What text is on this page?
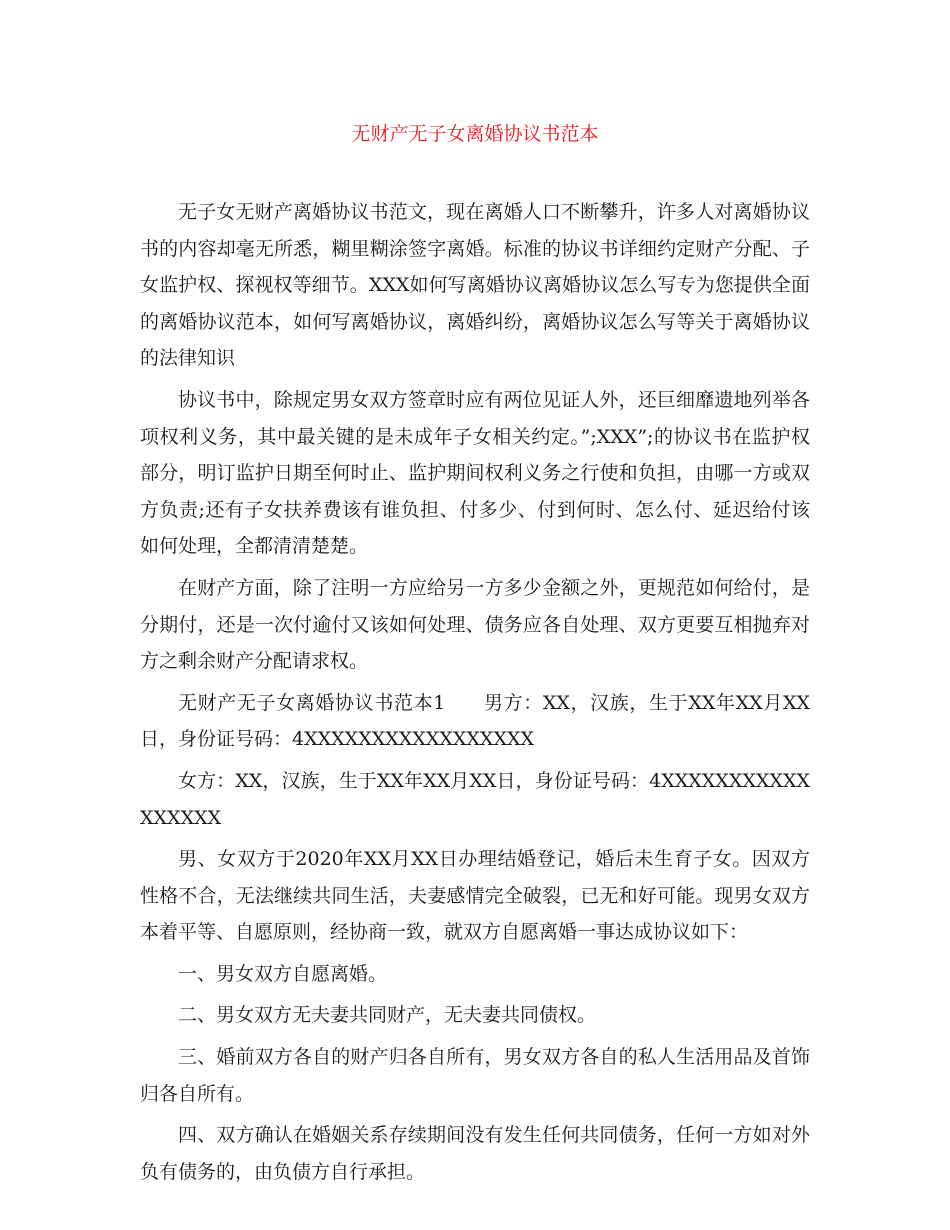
无财产无子女离婚协议书范本

无子女无财产离婚协议书范文，现在离婚人口不断攀升，许多人对离婚协议书的内容却毫无所悉，糊里糊涂签字离婚。标准的协议书详细约定财产分配、子女监护权、探视权等细节。XXX如何写离婚协议离婚协议怎么写专为您提供全面的离婚协议范本，如何写离婚协议，离婚纠纷，离婚协议怎么写等关于离婚协议的法律知识

协议书中，除规定男女双方签章时应有两位见证人外，还巨细靡遗地列举各项权利义务，其中最关键的是未成年子女相关约定。”;XXX”;的协议书在监护权部分，明订监护日期至何时止、监护期间权利义务之行使和负担，由哪一方或双方负责;还有子女扶养费该有谁负担、付多少、付到何时、怎么付、延迟给付该如何处理，全都清清楚楚。

在财产方面，除了注明一方应给另一方多少金额之外，更规范如何给付，是分期付，还是一次付逾付又该如何处理、债务应各自处理、双方更要互相抛弃对方之剩余财产分配请求权。

无财产无子女离婚协议书范本1 男方：XX，汉族，生于XX年XX月XX日，身份证号码：4XXXXXXXXXXXXXXXXX

女方：XX，汉族，生于XX年XX月XX日，身份证号码：4XXXXXXXXXXXXXXXXX

男、女双方于2020年XX月XX日办理结婚登记，婚后未生育子女。因双方性格不合，无法继续共同生活，夫妻感情完全破裂，已无和好可能。现男女双方本着平等、自愿原则，经协商一致，就双方自愿离婚一事达成协议如下：

一、男女双方自愿离婚。

二、男女双方无夫妻共同财产，无夫妻共同债权。

三、婚前双方各自的财产归各自所有，男女双方各自的私人生活用品及首饰归各自所有。

四、双方确认在婚姻关系存续期间没有发生任何共同债务，任何一方如对外负有债务的，由负债方自行承担。
